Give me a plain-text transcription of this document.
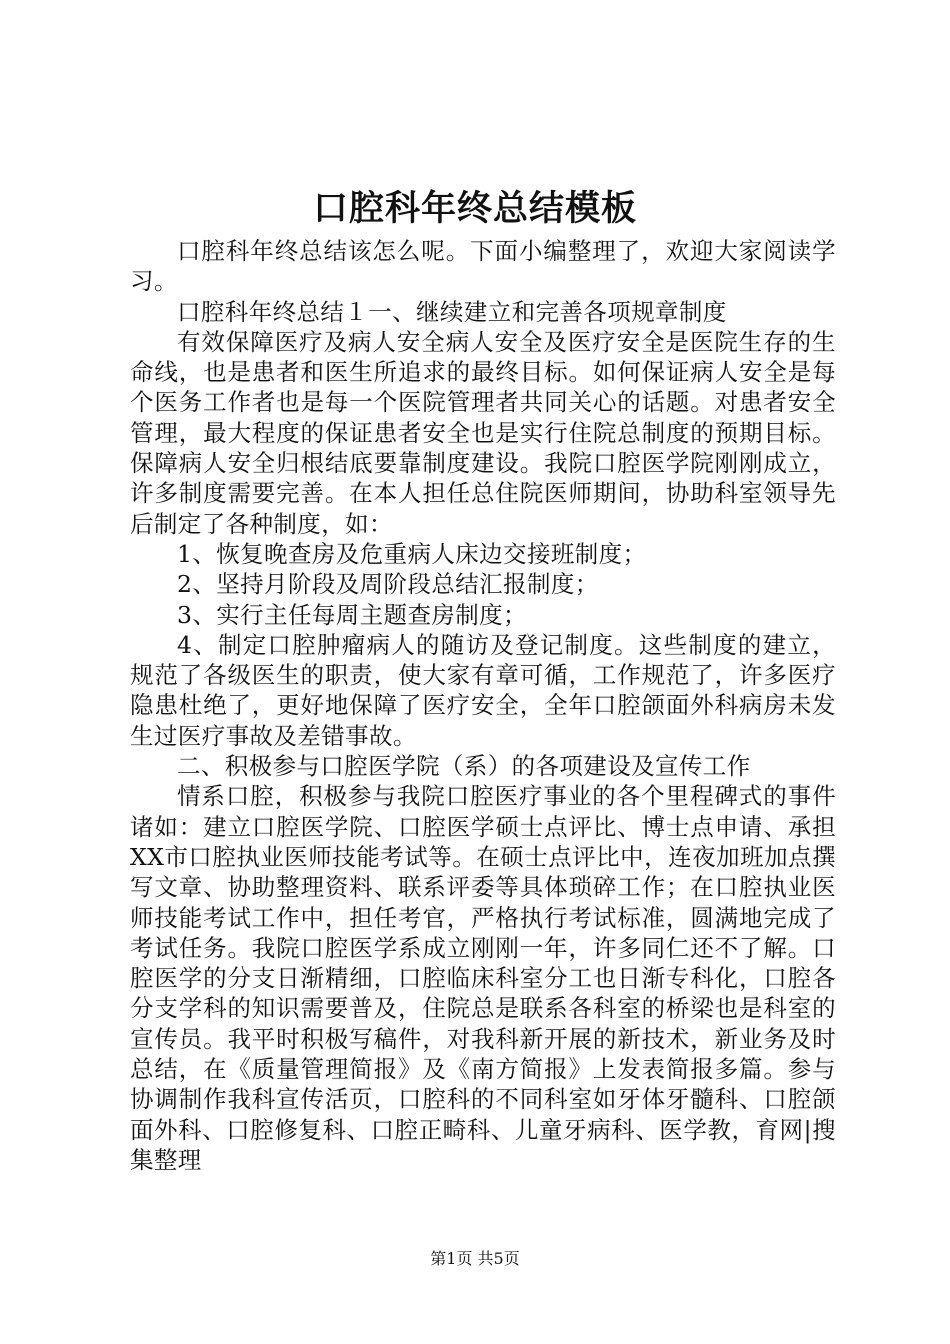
口腔科年终总结模板

口腔科年终总结该怎么呢。下面小编整理了，欢迎大家阅读学习。

口腔科年终总结１一、继续建立和完善各项规章制度

有效保障医疗及病人安全病人安全及医疗安全是医院生存的生命线，也是患者和医生所追求的最终目标。如何保证病人安全是每个医务工作者也是每一个医院管理者共同关心的话题。对患者安全管理，最大程度的保证患者安全也是实行住院总制度的预期目标。保障病人安全归根结底要靠制度建设。我院口腔医学院刚刚成立，许多制度需要完善。在本人担任总住院医师期间，协助科室领导先后制定了各种制度，如：

1、恢复晚查房及危重病人床边交接班制度；

2、坚持月阶段及周阶段总结汇报制度；

3、实行主任每周主题查房制度；

4、制定口腔肿瘤病人的随访及登记制度。这些制度的建立，规范了各级医生的职责，使大家有章可循，工作规范了，许多医疗隐患杜绝了，更好地保障了医疗安全，全年口腔颌面外科病房未发生过医疗事故及差错事故。

二、积极参与口腔医学院（系）的各项建设及宣传工作

情系口腔，积极参与我院口腔医疗事业的各个里程碑式的事件诸如：建立口腔医学院、口腔医学硕士点评比、博士点申请、承担XX市口腔执业医师技能考试等。在硕士点评比中，连夜加班加点撰写文章、协助整理资料、联系评委等具体琐碎工作；在口腔执业医师技能考试工作中，担任考官，严格执行考试标准，圆满地完成了考试任务。我院口腔医学系成立刚刚一年，许多同仁还不了解。口腔医学的分支日渐精细，口腔临床科室分工也日渐专科化，口腔各分支学科的知识需要普及，住院总是联系各科室的桥梁也是科室的宣传员。我平时积极写稿件，对我科新开展的新技术，新业务及时总结，在《质量管理简报》及《南方简报》上发表简报多篇。参与协调制作我科宣传活页，口腔科的不同科室如牙体牙髓科、口腔颌面外科、口腔修复科、口腔正畸科、儿童牙病科、医学教，育网|搜集整理

第1页 共5页
